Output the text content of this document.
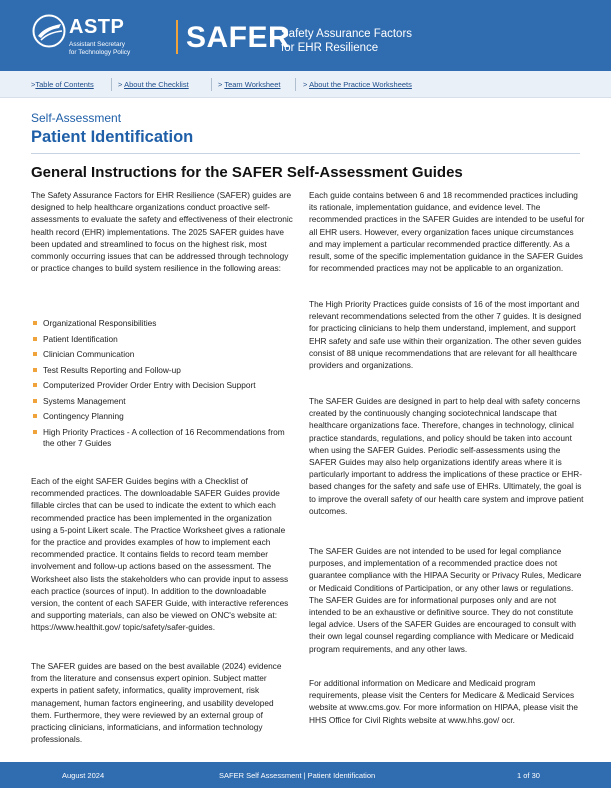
ASTP
Assistant Secretary
for Technology Policy SAFER
Safety Assurance Factors
for EHR Resilience
>Table of Contents	> About the Checklist	> Team Worksheet	> About the Practice Worksheets
Self-Assessment
Patient Identification
General Instructions for the SAFER Self-Assessment Guides
The Safety Assurance Factors for EHR Resilience (SAFER) guides are designed to help healthcare organizations conduct proactive self-assessments to evaluate the safety and effectiveness of their electronic health record (EHR) implementations. The 2025 SAFER guides have been updated and streamlined to focus on the highest risk, most commonly occurring issues that can be addressed through technology or practice changes to build system resilience in the following areas:
Organizational Responsibilities
Patient Identification
Clinician Communication
Test Results Reporting and Follow-up
Computerized Provider Order Entry with Decision Support
Systems Management
Contingency Planning
High Priority Practices - A collection of 16 Recommendations from the other 7 Guides
Each of the eight SAFER Guides begins with a Checklist of recommended practices. The downloadable SAFER Guides provide fillable circles that can be used to indicate the extent to which each recommended practice has been implemented in the organization using a 5-point Likert scale. The Practice Worksheet gives a rationale for the practice and provides examples of how to implement each recommended practice. It contains fields to record team member involvement and follow-up actions based on the assessment. The Worksheet also lists the stakeholders who can provide input to assess each practice (sources of input). In addition to the downloadable version, the content of each SAFER Guide, with interactive references and supporting materials, can also be viewed on ONC's website at: https://www.healthit.gov/ topic/safety/safer-guides.
The SAFER guides are based on the best available (2024) evidence from the literature and consensus expert opinion. Subject matter experts in patient safety, informatics, quality improvement, risk management, human factors engineering, and usability developed them. Furthermore, they were reviewed by an external group of practicing clinicians, informaticians, and information technology professionals.
Each guide contains between 6 and 18 recommended practices including its rationale, implementation guidance, and evidence level. The recommended practices in the SAFER Guides are intended to be useful for all EHR users. However, every organization faces unique circumstances and may implement a particular recommended practice differently. As a result, some of the specific implementation guidance in the SAFER Guides for recommended practices may not be applicable to an organization.
The High Priority Practices guide consists of 16 of the most important and relevant recommendations selected from the other 7 guides. It is designed for practicing clinicians to help them understand, implement, and support EHR safety and safe use within their organization. The other seven guides consist of 88 unique recommendations that are relevant for all healthcare providers and organizations.
The SAFER Guides are designed in part to help deal with safety concerns created by the continuously changing sociotechnical landscape that healthcare organizations face. Therefore, changes in technology, clinical practice standards, regulations, and policy should be taken into account when using the SAFER Guides. Periodic self-assessments using the SAFER Guides may also help organizations identify areas where it is particularly important to address the implications of these practice or EHR-based changes for the safety and safe use of EHRs. Ultimately, the goal is to improve the overall safety of our health care system and improve patient outcomes.
The SAFER Guides are not intended to be used for legal compliance purposes, and implementation of a recommended practice does not guarantee compliance with the HIPAA Security or Privacy Rules, Medicare or Medicaid Conditions of Participation, or any other laws or regulations. The SAFER Guides are for informational purposes only and are not intended to be an exhaustive or definitive source. They do not constitute legal advice. Users of the SAFER Guides are encouraged to consult with their own legal counsel regarding compliance with Medicare or Medicaid program requirements, and any other laws.
For additional information on Medicare and Medicaid program requirements, please visit the Centers for Medicare & Medicaid Services website at www.cms.gov. For more information on HIPAA, please visit the HHS Office for Civil Rights website at www.hhs.gov/ ocr.
August 2024	SAFER Self Assessment | Patient Identification	1 of 30
